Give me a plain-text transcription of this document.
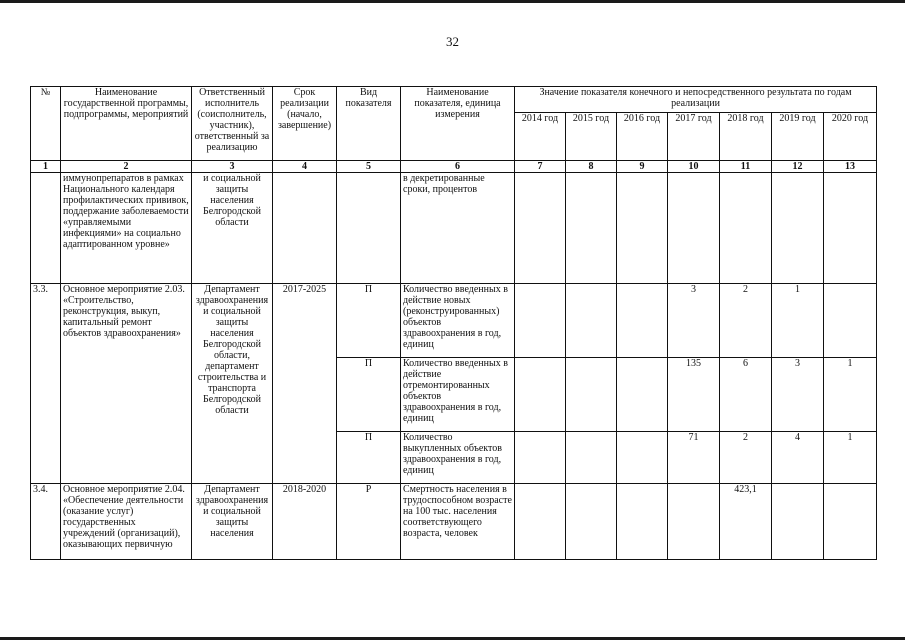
32
№	Наименование государственной программы, подпрограммы, мероприятий	Ответственный исполнитель (соисполнитель, участник), ответственный за реализацию	Срок реализации (начало, завершение)	Вид показателя	Наименование показателя, единица измерения	Значение показателя конечного и непосредственного результата по годам реализации						
						2014 год	2015 год	2016 год	2017 год	2018 год	2019 год	2020 год
1	2	3	4	5	6	7	8	9	10	11	12	13
	иммунопрепаратов в рамках Национального календаря профилактических прививок, поддержание заболеваемости «управляемыми инфекциями» на социально адаптированном уровне»	и социальной защиты населения Белгородской области			в декретированные сроки, процентов							
3.3.	Основное мероприятие 2.03. «Строительство, реконструкция, выкуп, капитальный ремонт объектов здравоохранения»	Департамент здравоохранения и социальной защиты населения Белгородской области, департамент строительства и транспорта Белгородской области	2017-2025	П	Количество введенных в действие новых (реконструированных) объектов здравоохранения в год, единиц				3	2	1	
				П	Количество введенных в действие отремонтированных объектов здравоохранения в год, единиц				135	6	3	1
				П	Количество выкупленных объектов здравоохранения в год, единиц				71	2	4	1
3.4.	Основное мероприятие 2.04. «Обеспечение деятельности (оказание услуг) государственных учреждений (организаций), оказывающих первичную	Департамент здравоохранения и социальной защиты населения	2018-2020	Р	Смертность населения в трудоспособном возрасте на 100 тыс. населения соответствующего возраста, человек					423,1		
